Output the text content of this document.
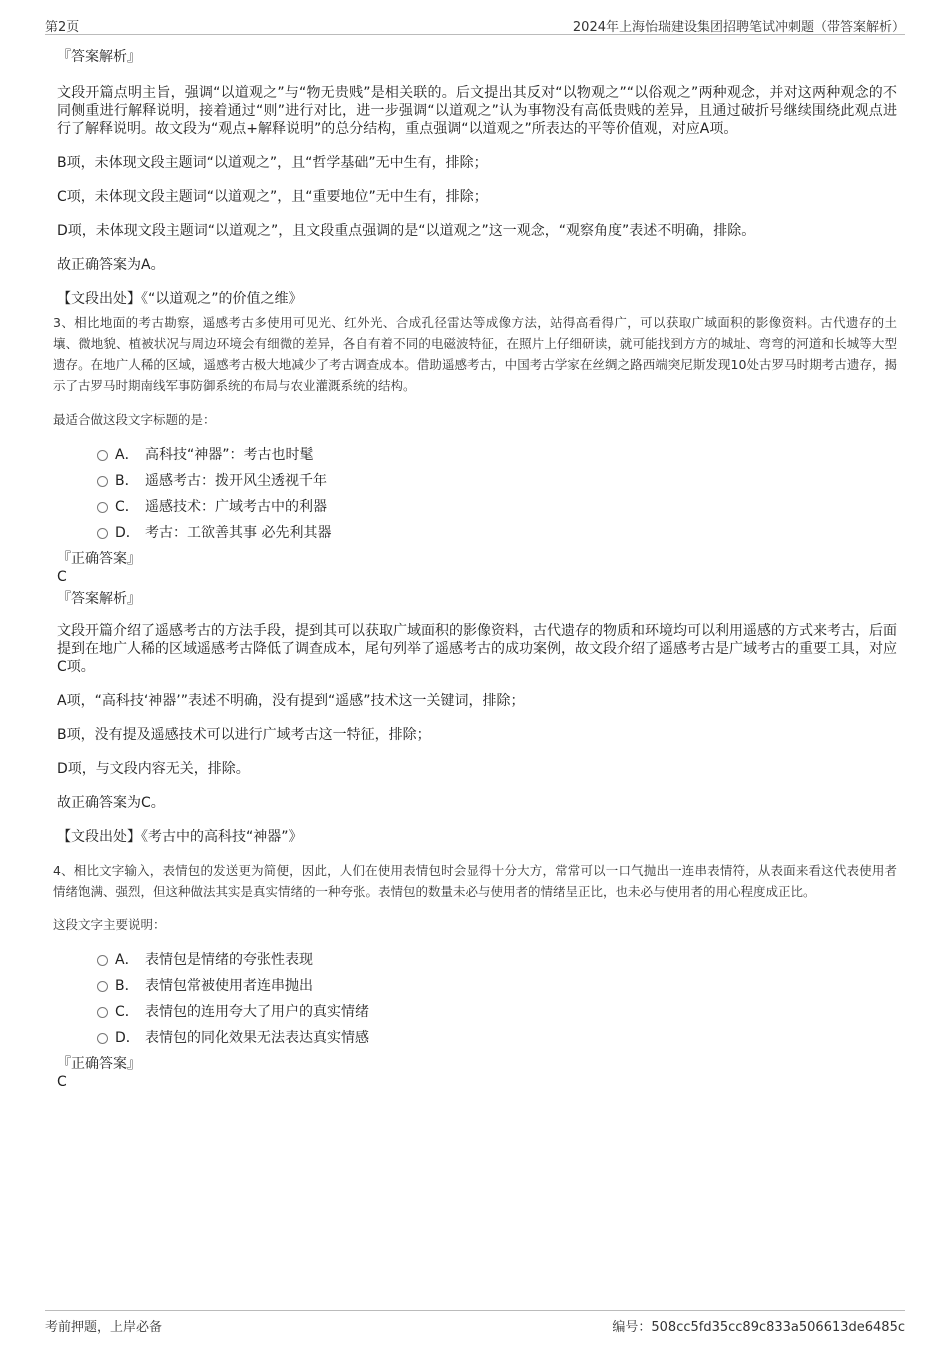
第2页	2024年上海怡瑞建设集团招聘笔试冲刺题（带答案解析）

『答案解析』

文段开篇点明主旨，强调“以道观之”与“物无贵贱”是相关联的。后文提出其反对“以物观之”“以俗观之”两种观念，并对这两种观念的不同侧重进行解释说明，接着通过“则”进行对比，进一步强调“以道观之”认为事物没有高低贵贱的差异，且通过破折号继续围绕此观点进行了解释说明。故文段为“观点+解释说明”的总分结构，重点强调“以道观之”所表达的平等价值观，对应A项。

B项，未体现文段主题词“以道观之”，且“哲学基础”无中生有，排除；

C项，未体现文段主题词“以道观之”，且“重要地位”无中生有，排除；

D项，未体现文段主题词“以道观之”，且文段重点强调的是“以道观之”这一观念，“观察角度”表述不明确，排除。

故正确答案为A。

【文段出处】《“以道观之”的价值之维》

3、相比地面的考古勘察，遥感考古多使用可见光、红外光、合成孔径雷达等成像方法，站得高看得广，可以获取广域面积的影像资料。古代遗存的土壤、微地貌、植被状况与周边环境会有细微的差异，各自有着不同的电磁波特征，在照片上仔细研读，就可能找到方方的城址、弯弯的河道和长城等大型遗存。在地广人稀的区域，遥感考古极大地减少了考古调查成本。借助遥感考古，中国考古学家在丝绸之路西端突尼斯发现10处古罗马时期考古遗存，揭示了古罗马时期南线军事防御系统的布局与农业灌溉系统的结构。

最适合做这段文字标题的是：

A． 高科技“神器”：考古也时髦
B． 遥感考古：拨开风尘透视千年
C． 遥感技术：广域考古中的利器
D． 考古：工欲善其事 必先利其器

『正确答案』

C

『答案解析』

文段开篇介绍了遥感考古的方法手段，提到其可以获取广域面积的影像资料，古代遗存的物质和环境均可以利用遥感的方式来考古，后面提到在地广人稀的区域遥感考古降低了调查成本，尾句列举了遥感考古的成功案例，故文段介绍了遥感考古是广域考古的重要工具，对应C项。

A项，“高科技‘神器’”表述不明确，没有提到“遥感”技术这一关键词，排除；

B项，没有提及遥感技术可以进行广域考古这一特征，排除；

D项，与文段内容无关，排除。

故正确答案为C。

【文段出处】《考古中的高科技“神器”》

4、相比文字输入，表情包的发送更为简便，因此，人们在使用表情包时会显得十分大方，常常可以一口气抛出一连串表情符，从表面来看这代表使用者情绪饱满、强烈，但这种做法其实是真实情绪的一种夸张。表情包的数量未必与使用者的情绪呈正比，也未必与使用者的用心程度成正比。

这段文字主要说明：

A． 表情包是情绪的夸张性表现
B． 表情包常被使用者连串抛出
C． 表情包的连用夸大了用户的真实情绪
D． 表情包的同化效果无法表达真实情感

『正确答案』

C

考前押题，上岸必备	编号：508cc5fd35cc89c833a506613de6485c
